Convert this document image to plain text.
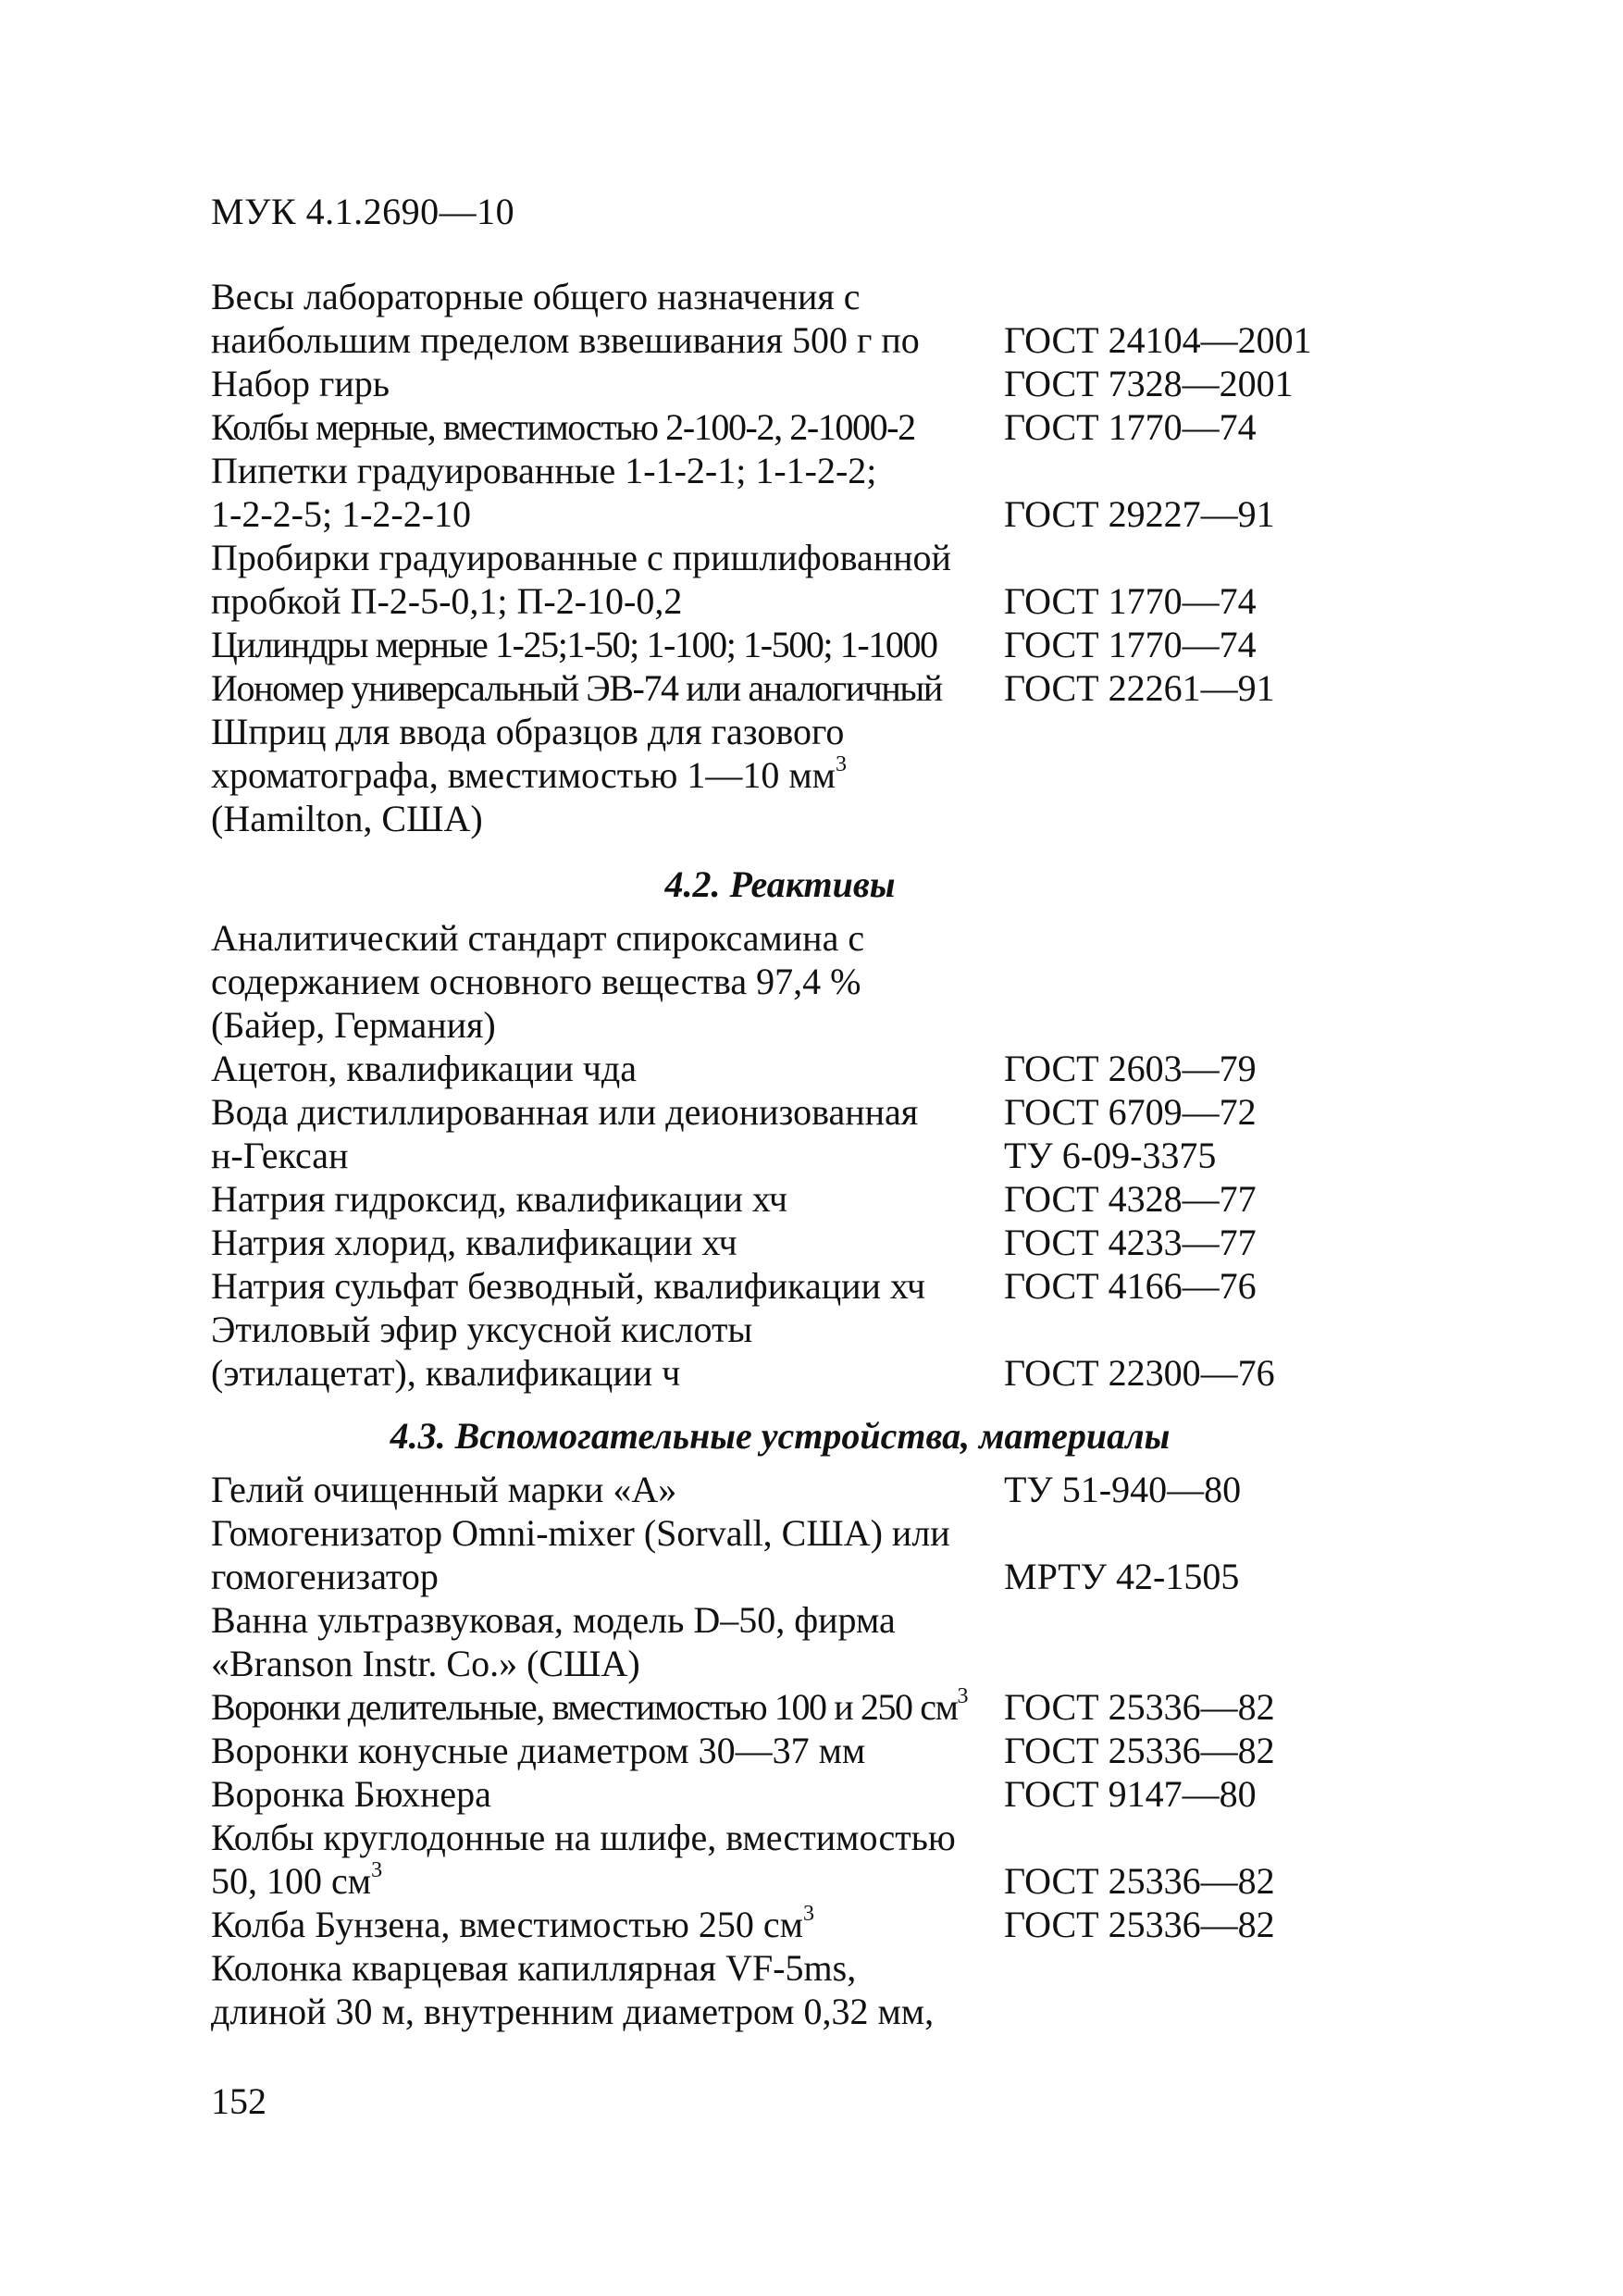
МУК 4.1.2690—10
Весы лабораторные общего назначения с
наибольшим пределом взвешивания 500 г по	ГОСТ 24104—2001
Набор гирь	ГОСТ 7328—2001
Колбы мерные, вместимостью 2-100-2, 2-1000-2	ГОСТ 1770—74
Пипетки градуированные 1-1-2-1; 1-1-2-2;
1-2-2-5; 1-2-2-10	ГОСТ 29227—91
Пробирки градуированные с пришлифованной
пробкой П-2-5-0,1; П-2-10-0,2	ГОСТ 1770—74
Цилиндры мерные 1-25;1-50; 1-100; 1-500; 1-1000	ГОСТ 1770—74
Иономер универсальный ЭВ-74 или аналогичный	ГОСТ 22261—91
Шприц для ввода образцов для газового
хроматографа, вместимостью 1—10 $мм^3$
(Hamilton, США)
4.2. Реактивы
Аналитический стандарт спироксамина с
содержанием основного вещества 97,4 %
(Байер, Германия)
Ацетон, квалификации чда	ГОСТ 2603—79
Вода дистиллированная или деионизованная	ГОСТ 6709—72
н-Гексан	ТУ 6-09-3375
Натрия гидроксид, квалификации хч	ГОСТ 4328—77
Натрия хлорид, квалификации хч	ГОСТ 4233—77
Натрия сульфат безводный, квалификации хч	ГОСТ 4166—76
Этиловый эфир уксусной кислоты
(этилацетат), квалификации ч	ГОСТ 22300—76
4.3. Вспомогательные устройства, материалы
Гелий очищенный марки «А»	ТУ 51-940—80
Гомогенизатор Omni-mixer (Sorvall, США) или
гомогенизатор	МРТУ 42-1505
Ванна ультразвуковая, модель D–50, фирма
«Branson Instr. Co.» (США)
Воронки делительные, вместимостью 100 и 250 $см^3$ ГОСТ 25336—82
Воронки конусные диаметром 30—37 мм	ГОСТ 25336—82
Воронка Бюхнера	ГОСТ 9147—80
Колбы круглодонные на шлифе, вместимостью
50, 100 $см^3$	ГОСТ 25336—82
Колба Бунзена, вместимостью 250 $см^3$	ГОСТ 25336—82
Колонка кварцевая капиллярная VF-5ms,
длиной 30 м, внутренним диаметром 0,32 мм,
152
